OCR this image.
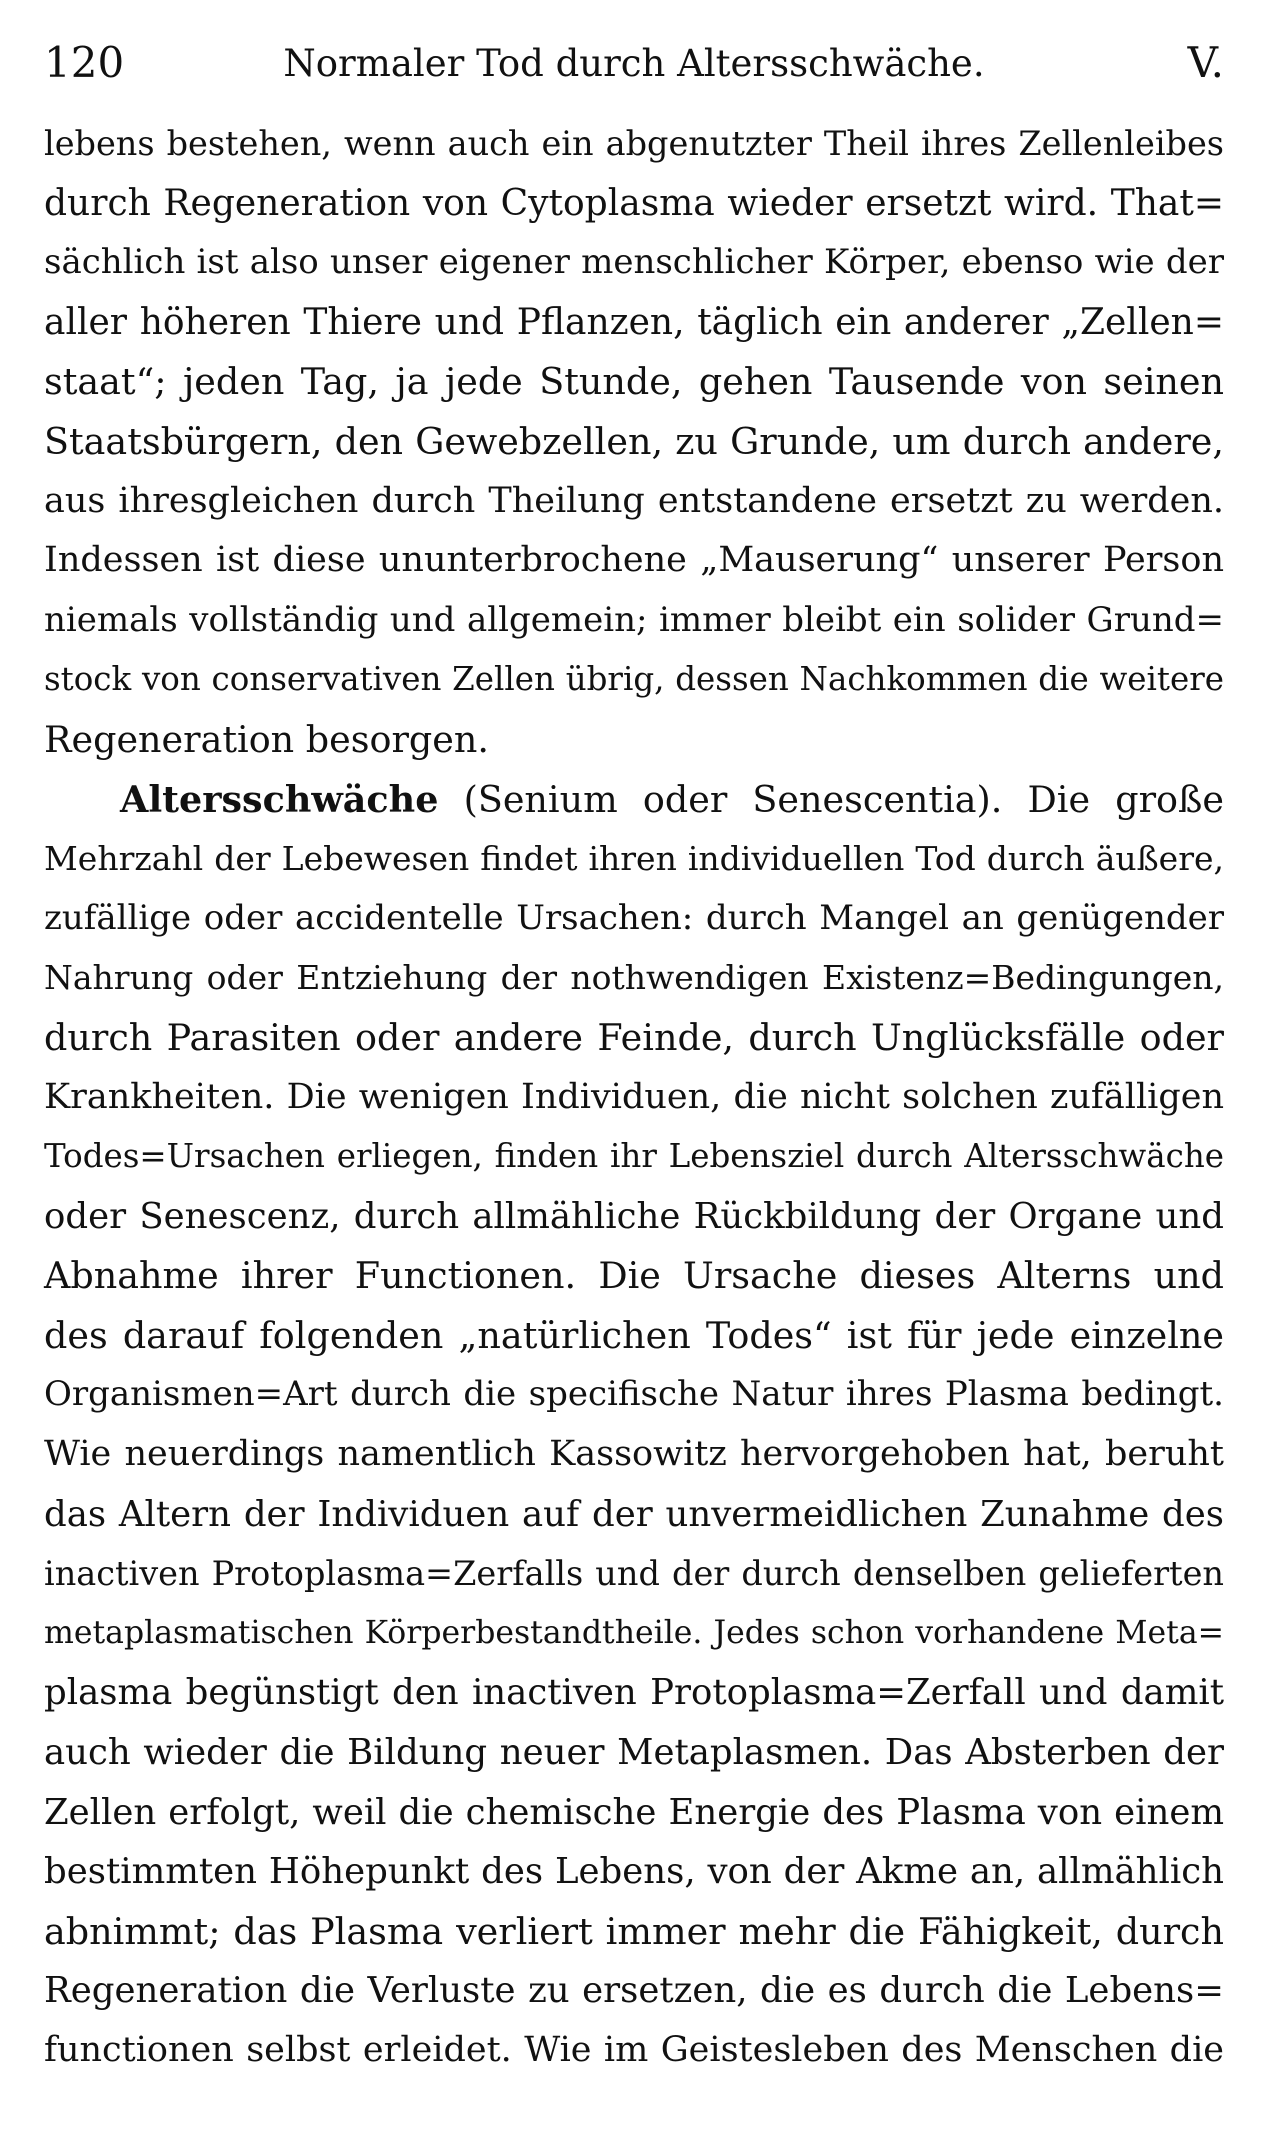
120	Normaler Tod durch Altersschwäche.	V.
lebens bestehen, wenn auch ein abgenutzter Theil ihres Zellenleibes
durch Regeneration von Cytoplasma wieder ersetzt wird. That=
sächlich ist also unser eigener menschlicher Körper, ebenso wie der
aller höheren Thiere und Pflanzen, täglich ein anderer „Zellen=
staat“; jeden Tag, ja jede Stunde, gehen Tausende von seinen
Staatsbürgern, den Gewebzellen, zu Grunde, um durch andere,
aus ihresgleichen durch Theilung entstandene ersetzt zu werden.
Indessen ist diese ununterbrochene „Mauserung“ unserer Person
niemals vollständig und allgemein; immer bleibt ein solider Grund=
stock von conservativen Zellen übrig, dessen Nachkommen die weitere
Regeneration besorgen.
Altersschwäche (Senium oder Senescentia). Die große
Mehrzahl der Lebewesen findet ihren individuellen Tod durch äußere,
zufällige oder accidentelle Ursachen: durch Mangel an genügender
Nahrung oder Entziehung der nothwendigen Existenz=Bedingungen,
durch Parasiten oder andere Feinde, durch Unglücksfälle oder
Krankheiten. Die wenigen Individuen, die nicht solchen zufälligen
Todes=Ursachen erliegen, finden ihr Lebensziel durch Altersschwäche
oder Senescenz, durch allmähliche Rückbildung der Organe und
Abnahme ihrer Functionen. Die Ursache dieses Alterns und
des darauf folgenden „natürlichen Todes“ ist für jede einzelne
Organismen=Art durch die specifische Natur ihres Plasma bedingt.
Wie neuerdings namentlich Kassowitz hervorgehoben hat, beruht
das Altern der Individuen auf der unvermeidlichen Zunahme des
inactiven Protoplasma=Zerfalls und der durch denselben gelieferten
metaplasmatischen Körperbestandtheile. Jedes schon vorhandene Meta=
plasma begünstigt den inactiven Protoplasma=Zerfall und damit
auch wieder die Bildung neuer Metaplasmen. Das Absterben der
Zellen erfolgt, weil die chemische Energie des Plasma von einem
bestimmten Höhepunkt des Lebens, von der Akme an, allmählich
abnimmt; das Plasma verliert immer mehr die Fähigkeit, durch
Regeneration die Verluste zu ersetzen, die es durch die Lebens=
functionen selbst erleidet. Wie im Geistesleben des Menschen die
